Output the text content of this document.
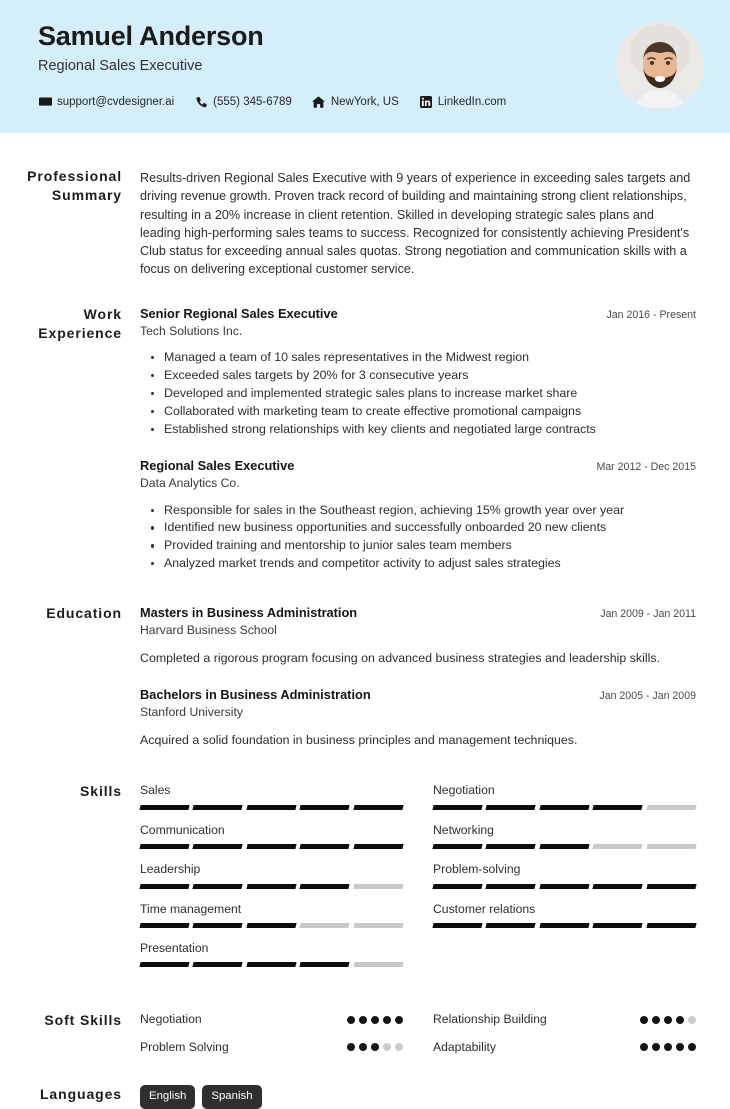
Samuel Anderson
Regional Sales Executive
support@cvdesigner.ai	(555) 345-6789	NewYork, US	LinkedIn.com
Professional Summary

Results-driven Regional Sales Executive with 9 years of experience in exceeding sales targets and driving revenue growth. Proven track record of building and maintaining strong client relationships, resulting in a 20% increase in client retention. Skilled in developing strategic sales plans and leading high-performing sales teams to success. Recognized for consistently achieving President's Club status for exceeding annual sales quotas. Strong negotiation and communication skills with a focus on delivering exceptional customer service.

Work Experience
Senior Regional Sales Executive	Jan 2016 - Present
Tech Solutions Inc.
Managed a team of 10 sales representatives in the Midwest region
Exceeded sales targets by 20% for 3 consecutive years
Developed and implemented strategic sales plans to increase market share
Collaborated with marketing team to create effective promotional campaigns
Established strong relationships with key clients and negotiated large contracts
Regional Sales Executive	Mar 2012 - Dec 2015
Data Analytics Co.
Responsible for sales in the Southeast region, achieving 15% growth year over year
Identified new business opportunities and successfully onboarded 20 new clients
Provided training and mentorship to junior sales team members
Analyzed market trends and competitor activity to adjust sales strategies
Education	Masters in Business Administration	Jan 2009 - Jan 2011
Harvard Business School
Completed a rigorous program focusing on advanced business strategies and leadership skills.
Bachelors in Business Administration	Jan 2005 - Jan 2009
Stanford University
Acquired a solid foundation in business principles and management techniques.
Skills	Sales	Negotiation
Communication	Networking
Leadership	Problem-solving
Time management	Customer relations
Presentation
Soft Skills	Negotiation	Relationship Building
Problem Solving	Adaptability
Languages	English	Spanish
